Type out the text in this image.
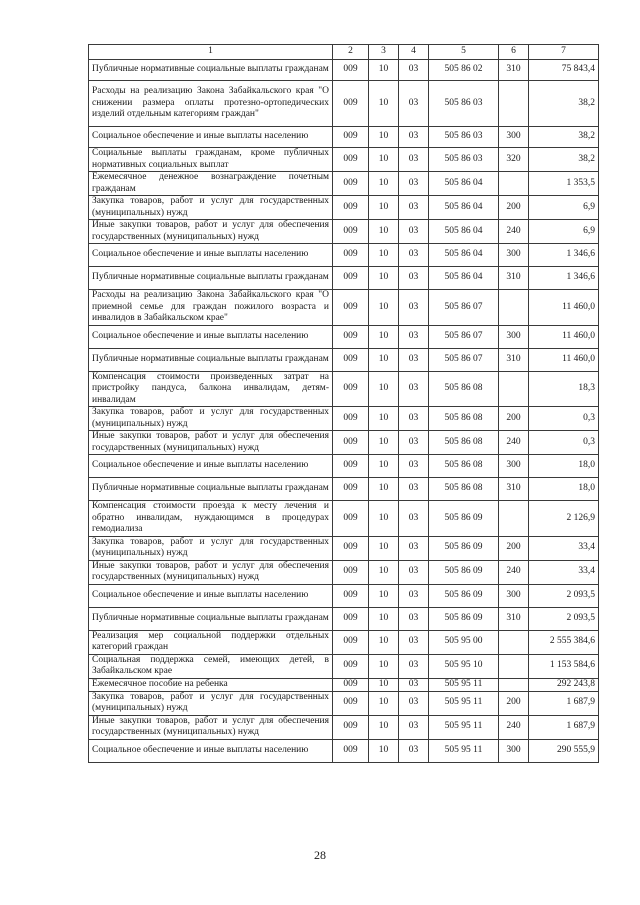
1	2	3	4	5	6	7
Публичные нормативные социальные выплаты гражданам	009	10	03	505 86 02	310	75 843,4
Расходы на реализацию Закона Забайкальского края "О снижении размера оплаты протезно-ортопедических изделий отдельным категориям граждан"	009	10	03	505 86 03		38,2
Социальное обеспечение и иные выплаты населению	009	10	03	505 86 03	300	38,2
Социальные выплаты гражданам, кроме публичных нормативных социальных выплат	009	10	03	505 86 03	320	38,2
Ежемесячное денежное вознаграждение почетным гражданам	009	10	03	505 86 04		1 353,5
Закупка товаров, работ и услуг для государственных (муниципальных) нужд	009	10	03	505 86 04	200	6,9
Иные закупки товаров, работ и услуг для обеспечения государственных (муниципальных) нужд	009	10	03	505 86 04	240	6,9
Социальное обеспечение и иные выплаты населению	009	10	03	505 86 04	300	1 346,6
Публичные нормативные социальные выплаты гражданам	009	10	03	505 86 04	310	1 346,6
Расходы на реализацию Закона Забайкальского края "О приемной семье для граждан пожилого возраста и инвалидов в Забайкальском крае"	009	10	03	505 86 07		11 460,0
Социальное обеспечение и иные выплаты населению	009	10	03	505 86 07	300	11 460,0
Публичные нормативные социальные выплаты гражданам	009	10	03	505 86 07	310	11 460,0
Компенсация стоимости произведенных затрат на пристройку пандуса, балкона инвалидам, детям-инвалидам	009	10	03	505 86 08		18,3
Закупка товаров, работ и услуг для государственных (муниципальных) нужд	009	10	03	505 86 08	200	0,3
Иные закупки товаров, работ и услуг для обеспечения государственных (муниципальных) нужд	009	10	03	505 86 08	240	0,3
Социальное обеспечение и иные выплаты населению	009	10	03	505 86 08	300	18,0
Публичные нормативные социальные выплаты гражданам	009	10	03	505 86 08	310	18,0
Компенсация стоимости проезда к месту лечения и обратно инвалидам, нуждающимся в процедурах гемодиализа	009	10	03	505 86 09		2 126,9
Закупка товаров, работ и услуг для государственных (муниципальных) нужд	009	10	03	505 86 09	200	33,4
Иные закупки товаров, работ и услуг для обеспечения государственных (муниципальных) нужд	009	10	03	505 86 09	240	33,4
Социальное обеспечение и иные выплаты населению	009	10	03	505 86 09	300	2 093,5
Публичные нормативные социальные выплаты гражданам	009	10	03	505 86 09	310	2 093,5
Реализация мер социальной поддержки отдельных категорий граждан	009	10	03	505 95 00		2 555 384,6
Социальная поддержка семей, имеющих детей, в Забайкальском крае	009	10	03	505 95 10		1 153 584,6
Ежемесячное пособие на ребенка	009	10	03	505 95 11		292 243,8
Закупка товаров, работ и услуг для государственных (муниципальных) нужд	009	10	03	505 95 11	200	1 687,9
Иные закупки товаров, работ и услуг для обеспечения государственных (муниципальных) нужд	009	10	03	505 95 11	240	1 687,9
Социальное обеспечение и иные выплаты населению	009	10	03	505 95 11	300	290 555,9
28
